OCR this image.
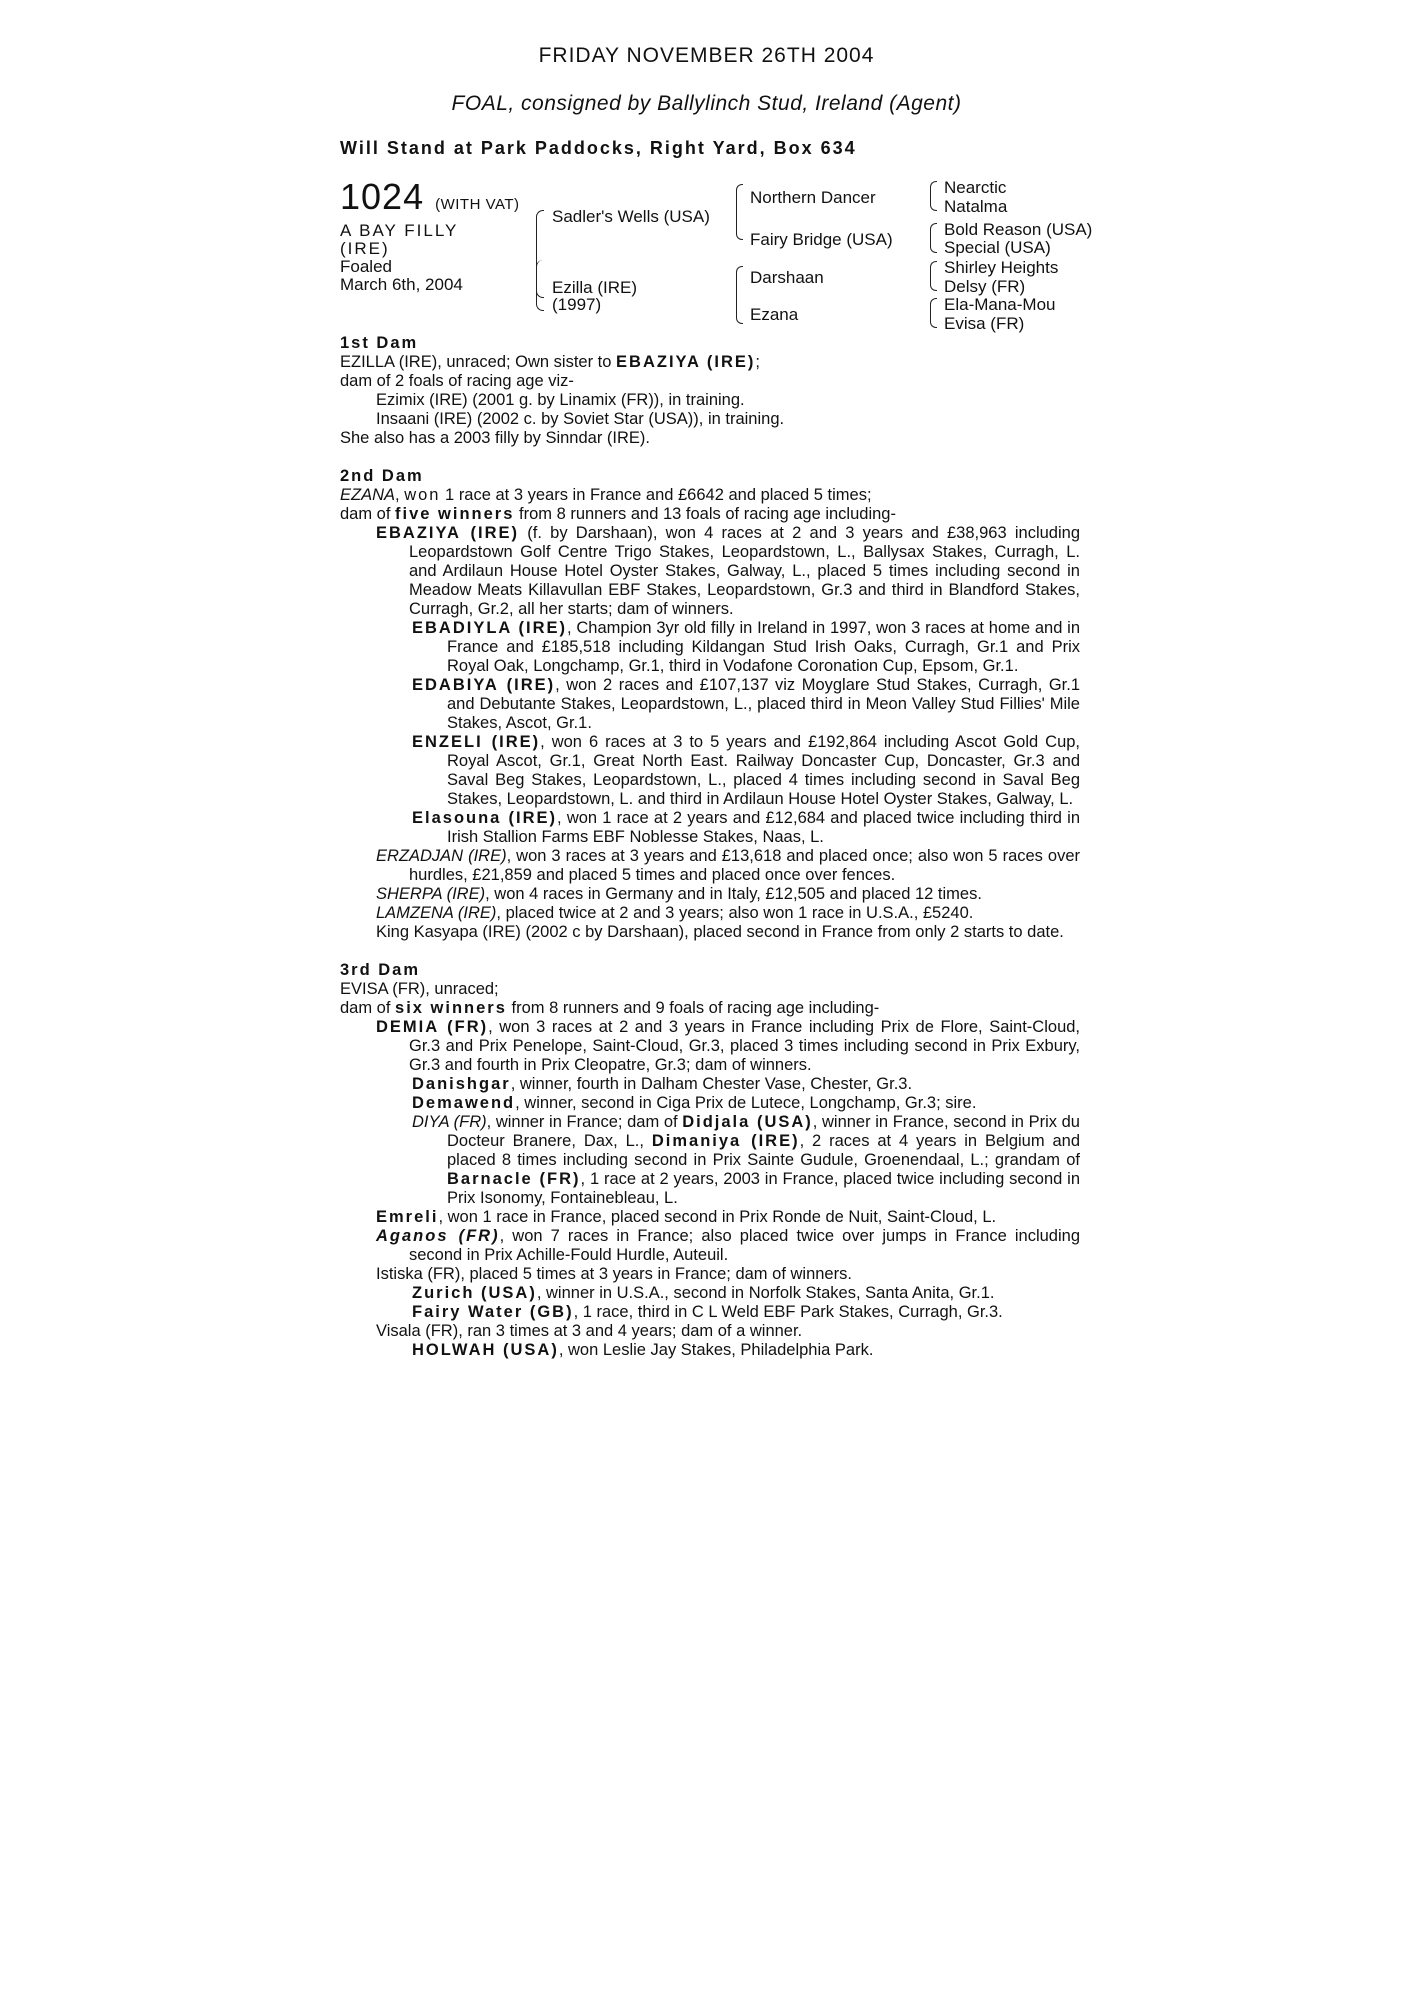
FRIDAY NOVEMBER 26TH 2004
FOAL, consigned by Ballylinch Stud, Ireland (Agent)
Will Stand at Park Paddocks, Right Yard, Box 634
1024 (WITH VAT)
A BAY FILLY
(IRE)
Foaled
March 6th, 2004
Sadler's Wells (USA)
Ezilla (IRE)
(1997)
Northern Dancer
Fairy Bridge (USA)
Darshaan
Ezana
Nearctic
Natalma
Bold Reason (USA)
Special (USA)
Shirley Heights
Delsy (FR)
Ela-Mana-Mou
Evisa (FR)

1st Dam

EZILLA (IRE), unraced; Own sister to EBAZIYA (IRE);

dam of 2 foals of racing age viz-

Ezimix (IRE) (2001 g. by Linamix (FR)), in training.

Insaani (IRE) (2002 c. by Soviet Star (USA)), in training.

She also has a 2003 filly by Sinndar (IRE).

2nd Dam

EZANA, won 1 race at 3 years in France and £6642 and placed 5 times;

dam of five winners from 8 runners and 13 foals of racing age including-

EBAZIYA (IRE) (f. by Darshaan), won 4 races at 2 and 3 years and £38,963 including Leopardstown Golf Centre Trigo Stakes, Leopardstown, L., Ballysax Stakes, Curragh, L. and Ardilaun House Hotel Oyster Stakes, Galway, L., placed 5 times including second in Meadow Meats Killavullan EBF Stakes, Leopardstown, Gr.3 and third in Blandford Stakes, Curragh, Gr.2, all her starts; dam of winners.

EBADIYLA (IRE), Champion 3yr old filly in Ireland in 1997, won 3 races at home and in France and £185,518 including Kildangan Stud Irish Oaks, Curragh, Gr.1 and Prix Royal Oak, Longchamp, Gr.1, third in Vodafone Coronation Cup, Epsom, Gr.1.

EDABIYA (IRE), won 2 races and £107,137 viz Moyglare Stud Stakes, Curragh, Gr.1 and Debutante Stakes, Leopardstown, L., placed third in Meon Valley Stud Fillies' Mile Stakes, Ascot, Gr.1.

ENZELI (IRE), won 6 races at 3 to 5 years and £192,864 including Ascot Gold Cup, Royal Ascot, Gr.1, Great North East. Railway Doncaster Cup, Doncaster, Gr.3 and Saval Beg Stakes, Leopardstown, L., placed 4 times including second in Saval Beg Stakes, Leopardstown, L. and third in Ardilaun House Hotel Oyster Stakes, Galway, L.

Elasouna (IRE), won 1 race at 2 years and £12,684 and placed twice including third in Irish Stallion Farms EBF Noblesse Stakes, Naas, L.

ERZADJAN (IRE), won 3 races at 3 years and £13,618 and placed once; also won 5 races over hurdles, £21,859 and placed 5 times and placed once over fences.

SHERPA (IRE), won 4 races in Germany and in Italy, £12,505 and placed 12 times.

LAMZENA (IRE), placed twice at 2 and 3 years; also won 1 race in U.S.A., £5240.

King Kasyapa (IRE) (2002 c by Darshaan), placed second in France from only 2 starts to date.

3rd Dam

EVISA (FR), unraced;

dam of six winners from 8 runners and 9 foals of racing age including-

DEMIA (FR), won 3 races at 2 and 3 years in France including Prix de Flore, Saint-Cloud, Gr.3 and Prix Penelope, Saint-Cloud, Gr.3, placed 3 times including second in Prix Exbury, Gr.3 and fourth in Prix Cleopatre, Gr.3; dam of winners.

Danishgar, winner, fourth in Dalham Chester Vase, Chester, Gr.3.

Demawend, winner, second in Ciga Prix de Lutece, Longchamp, Gr.3; sire.

DIYA (FR), winner in France; dam of Didjala (USA), winner in France, second in Prix du Docteur Branere, Dax, L., Dimaniya (IRE), 2 races at 4 years in Belgium and placed 8 times including second in Prix Sainte Gudule, Groenendaal, L.; grandam of Barnacle (FR), 1 race at 2 years, 2003 in France, placed twice including second in Prix Isonomy, Fontainebleau, L.

Emreli, won 1 race in France, placed second in Prix Ronde de Nuit, Saint-Cloud, L.

Aganos (FR), won 7 races in France; also placed twice over jumps in France including second in Prix Achille-Fould Hurdle, Auteuil.

Istiska (FR), placed 5 times at 3 years in France; dam of winners.

Zurich (USA), winner in U.S.A., second in Norfolk Stakes, Santa Anita, Gr.1.

Fairy Water (GB), 1 race, third in C L Weld EBF Park Stakes, Curragh, Gr.3.

Visala (FR), ran 3 times at 3 and 4 years; dam of a winner.

HOLWAH (USA), won Leslie Jay Stakes, Philadelphia Park.
